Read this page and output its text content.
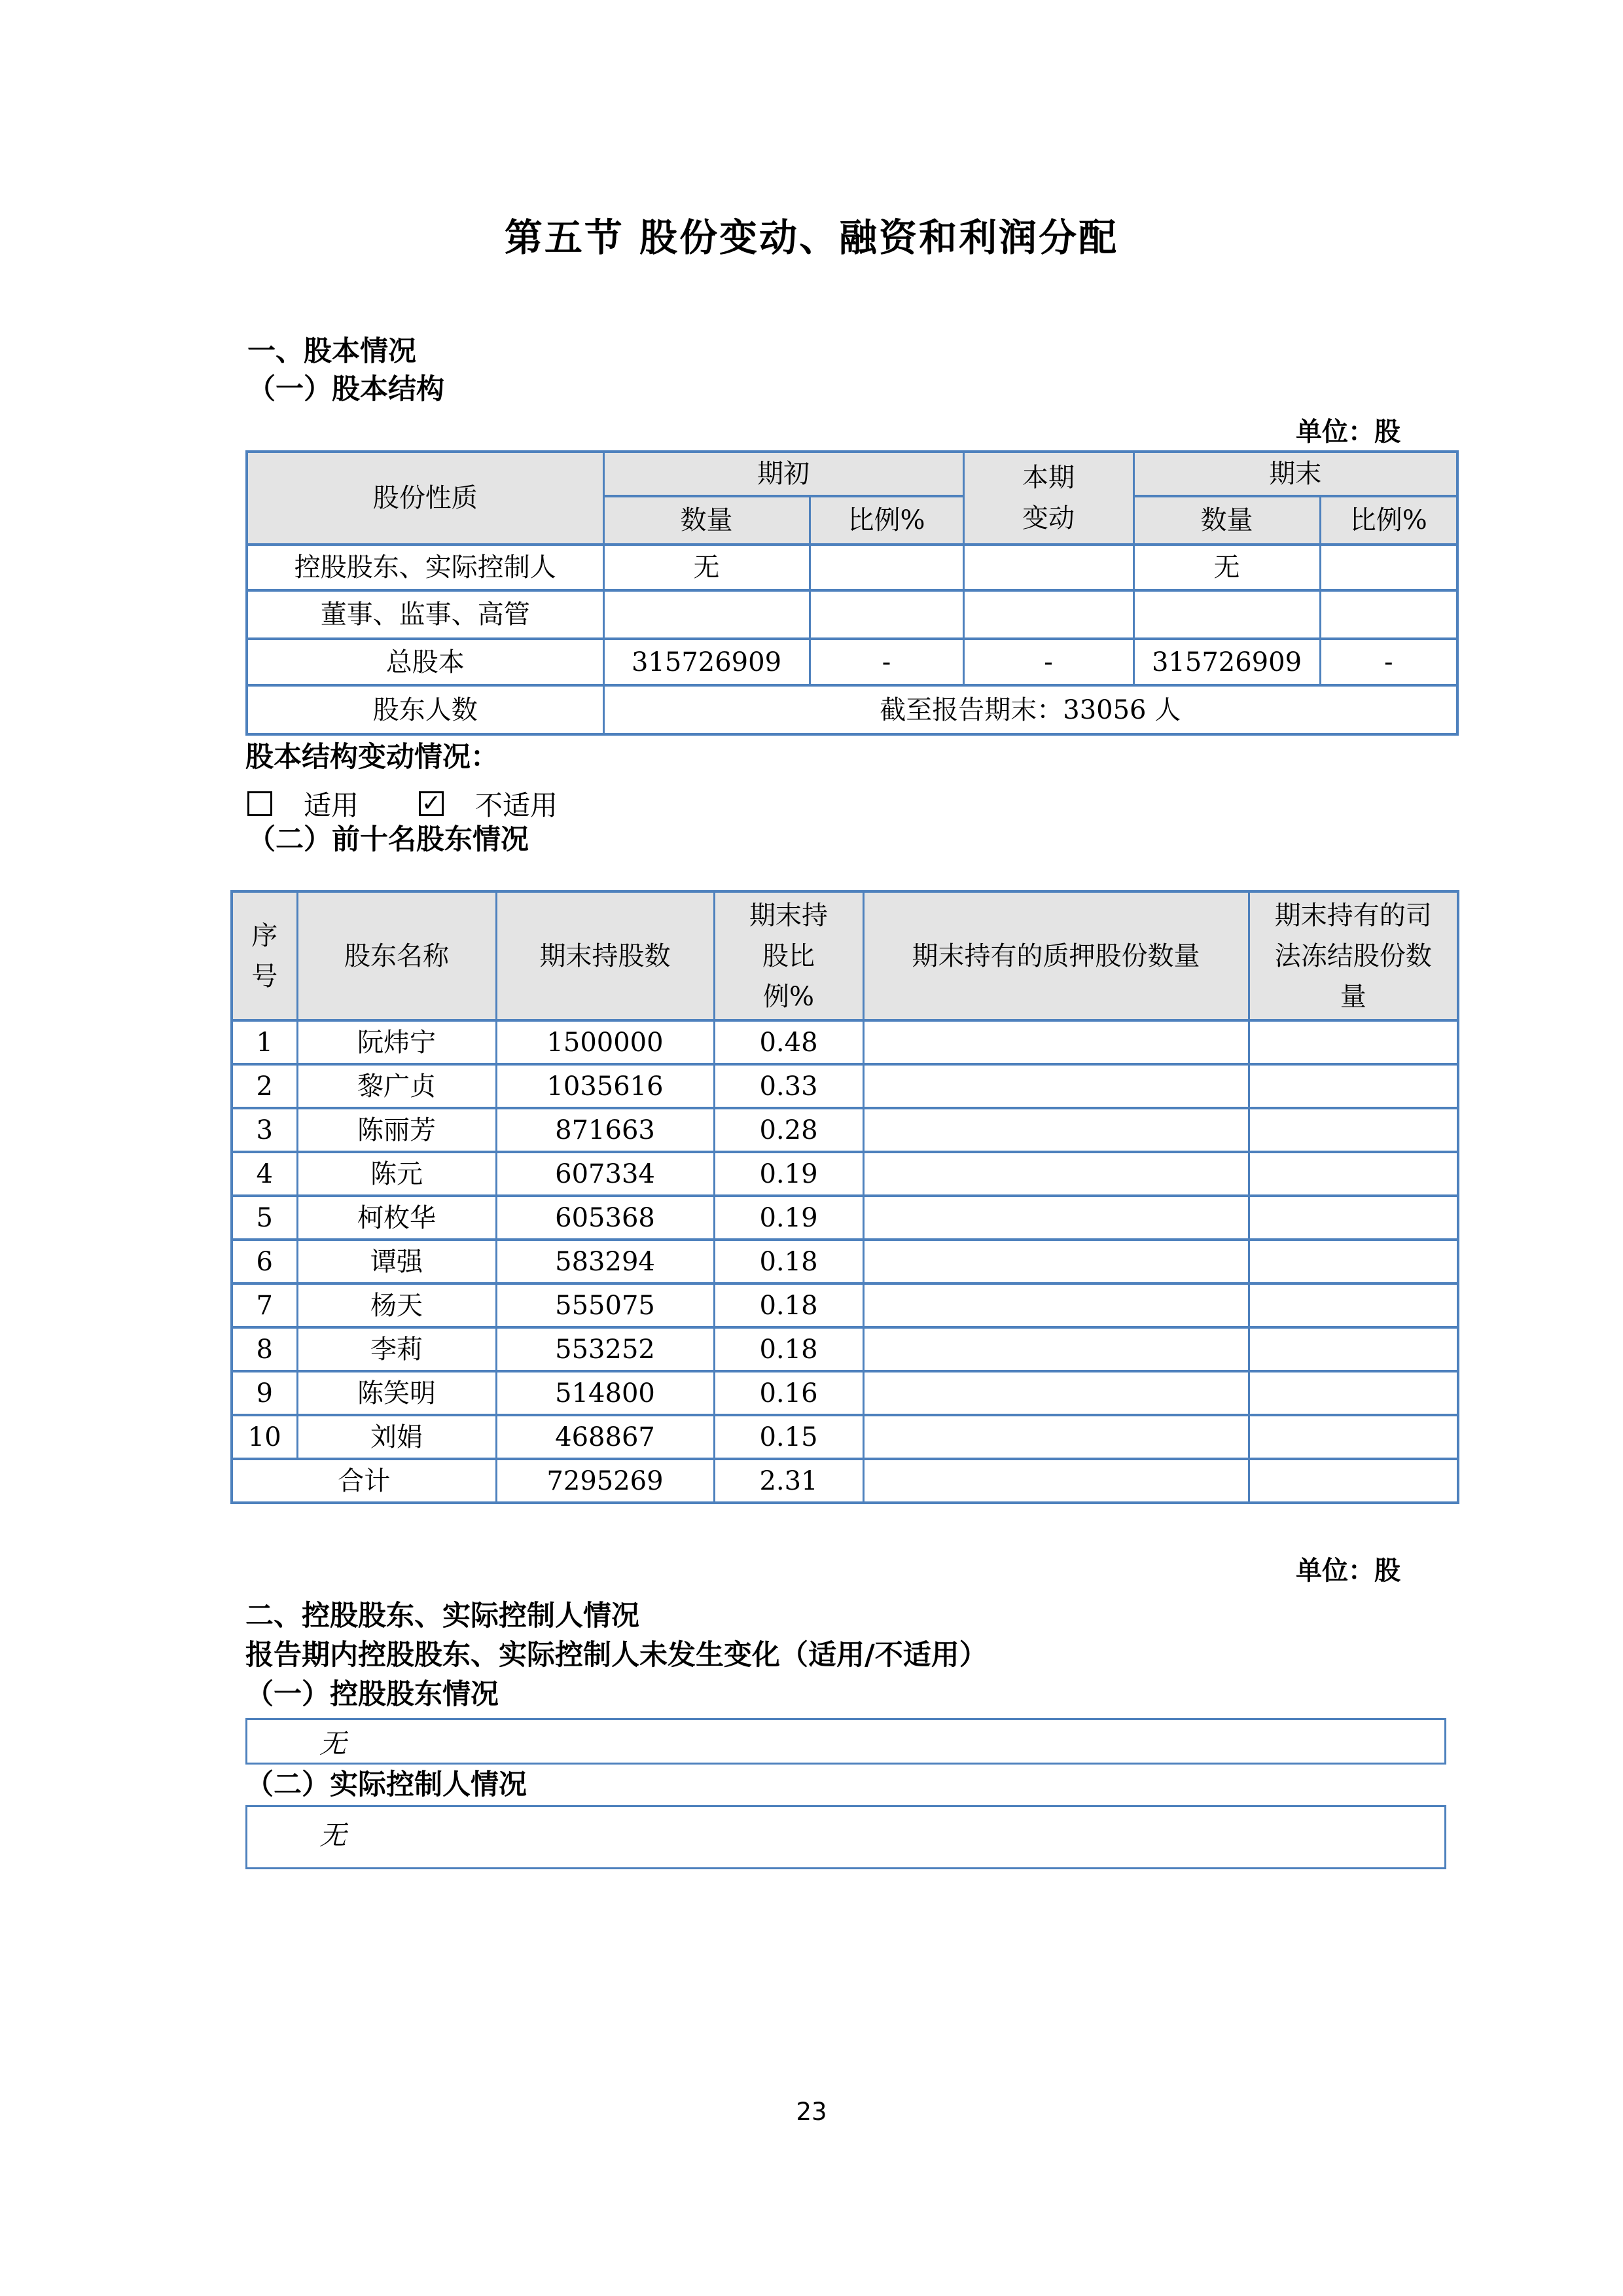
第五节 股份变动、融资和利润分配
一、股本情况
（一）股本结构
单位：股
股份性质	期初		本期变动	期末	
	数量	比例%		数量	比例%
控股股东、实际控制人	无			无	
董事、监事、高管					
总股本	315726909	-	-	315726909	-
股东人数	截至报告期末：33056 人				
股本结构变动情况：
适用	✓ 不适用
（二）前十名股东情况
序号	股东名称	期末持股数	期末持股比例%	期末持有的质押股份数量	期末持有的司法冻结股份数量
1	阮炜宁	1500000	0.48		
2	黎广贞	1035616	0.33		
3	陈丽芳	871663	0.28		
4	陈元	607334	0.19		
5	柯枚华	605368	0.19		
6	谭强	583294	0.18		
7	杨天	555075	0.18		
8	李莉	553252	0.18		
9	陈笑明	514800	0.16		
10	刘娟	468867	0.15		
合计		7295269	2.31		
单位：股
二、控股股东、实际控制人情况
报告期内控股股东、实际控制人未发生变化（适用/不适用）
（一）控股股东情况
无
（二）实际控制人情况
无
23
